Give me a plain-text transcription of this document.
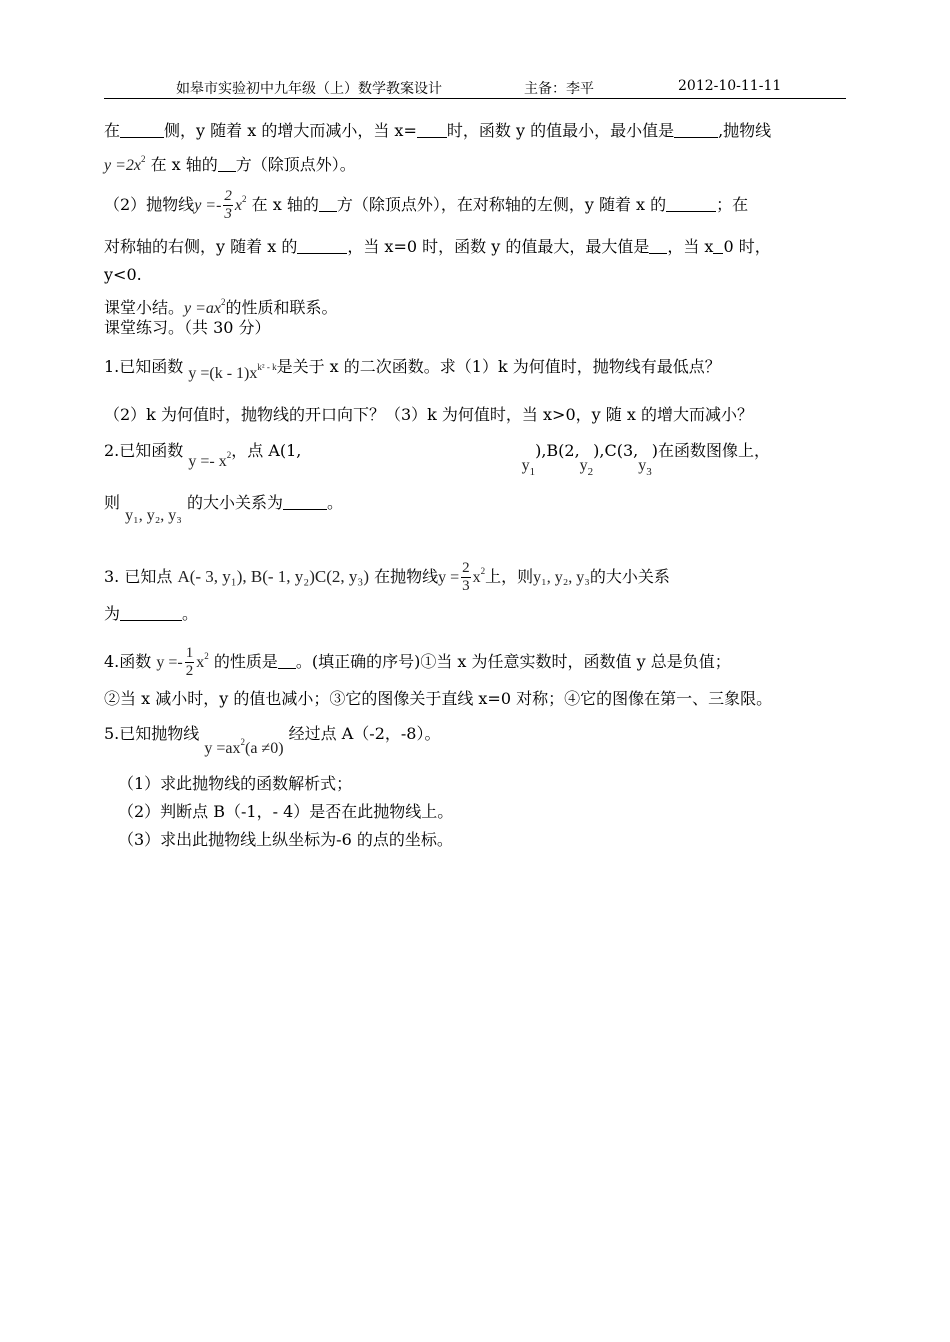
如皋市实验初中九年级（上）数学教案设计	主备：李平	2012-10-11-11
在	侧，y 随着 x 的增大而减小，当 x= 时，函数 y 的值最小，最小值是	,抛物线
$y =2x^2$ 在 x 轴的 方（除顶点外）。
（2）抛物线$y =- \frac{2}{3} x^2$ 在 x 轴的 方（除顶点外），在对称轴的左侧，y 随着 x 的	；在
对称轴的右侧，y 随着 x 的	，当 x=0 时，函数 y 的值最大，最大值是 ，当 x 0 时，
y<0.
课堂小结。$y =ax^2$的性质和联系。
课堂练习。（共 30 分）
1.已知函数 $y =(k - 1)x^{k^2 - k}$是关于 x 的二次函数。求（1）k 为何值时，抛物线有最低点？
（2）k 为何值时，抛物线的开口向下？（3）k 为何值时，当 x>0，y 随 x 的增大而减小？
2.已知函数 $y =- x^2$，点 A(1,  $y_1),B(2,y_2),C(3,y_3)$在函数图像上，
则 y₁, y₂, y₃ 的大小关系为	。
3. 已知点 A(- 3, y₁), B(- 1, y₂)C(2, y₃) 在抛物线$y = \frac{2}{3} x^2$上，则y₁, y₂, y₃的大小关系
为	。
4.函数 $y =- \frac{1}{2} x^2$ 的性质是 。(填正确的序号)①当 x 为任意实数时，函数值 y 总是负值；
②当 x 减小时，y 的值也减小；③它的图像关于直线 x=0 对称；④它的图像在第一、三象限。
5.已知抛物线 $y =ax^2(a \ne 0)$ 经过点 A（-2，-8）。
（1）求此抛物线的函数解析式；
（2）判断点 B（-1，- 4）是否在此抛物线上。
（3）求出此抛物线上纵坐标为-6 的点的坐标。
